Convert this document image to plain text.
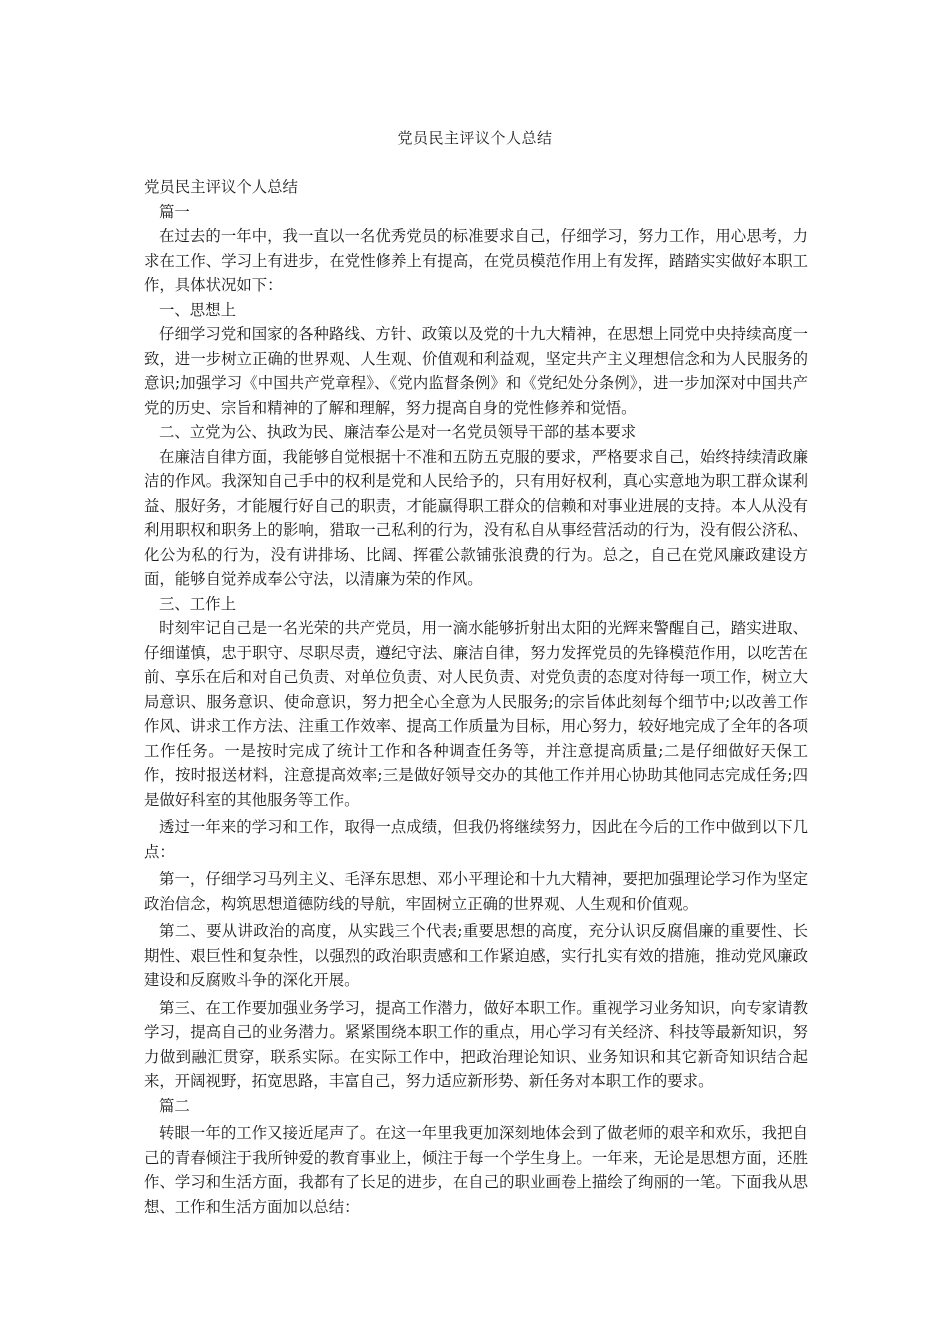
党员民主评议个人总结

党员民主评议个人总结

篇一

在过去的一年中，我一直以一名优秀党员的标准要求自己，仔细学习，努力工作，用心思考，力求在工作、学习上有进步，在党性修养上有提高，在党员模范作用上有发挥，踏踏实实做好本职工作，具体状况如下：

一、思想上

仔细学习党和国家的各种路线、方针、政策以及党的十九大精神，在思想上同党中央持续高度一致，进一步树立正确的世界观、人生观、价值观和利益观，坚定共产主义理想信念和为人民服务的意识;加强学习《中国共产党章程》、《党内监督条例》和《党纪处分条例》，进一步加深对中国共产党的历史、宗旨和精神的了解和理解，努力提高自身的党性修养和觉悟。

二、立党为公、执政为民、廉洁奉公是对一名党员领导干部的基本要求

在廉洁自律方面，我能够自觉根据十不准和五防五克服的要求，严格要求自己，始终持续清政廉洁的作风。我深知自己手中的权利是党和人民给予的，只有用好权利，真心实意地为职工群众谋利益、服好务，才能履行好自己的职责，才能赢得职工群众的信赖和对事业进展的支持。本人从没有利用职权和职务上的影响，猎取一己私利的行为，没有私自从事经营活动的行为，没有假公济私、化公为私的行为，没有讲排场、比阔、挥霍公款铺张浪费的行为。总之，自己在党风廉政建设方面，能够自觉养成奉公守法，以清廉为荣的作风。

三、工作上

时刻牢记自己是一名光荣的共产党员，用一滴水能够折射出太阳的光辉来警醒自己，踏实进取、仔细谨慎，忠于职守、尽职尽责，遵纪守法、廉洁自律，努力发挥党员的先锋模范作用，以吃苦在前、享乐在后和对自己负责、对单位负责、对人民负责、对党负责的态度对待每一项工作，树立大局意识、服务意识、使命意识，努力把全心全意为人民服务;的宗旨体此刻每个细节中;以改善工作作风、讲求工作方法、注重工作效率、提高工作质量为目标，用心努力，较好地完成了全年的各项工作任务。一是按时完成了统计工作和各种调查任务等，并注意提高质量;二是仔细做好天保工作，按时报送材料，注意提高效率;三是做好领导交办的其他工作并用心协助其他同志完成任务;四是做好科室的其他服务等工作。

透过一年来的学习和工作，取得一点成绩，但我仍将继续努力，因此在今后的工作中做到以下几点：

第一，仔细学习马列主义、毛泽东思想、邓小平理论和十九大精神，要把加强理论学习作为坚定政治信念，构筑思想道德防线的导航，牢固树立正确的世界观、人生观和价值观。

第二、要从讲政治的高度，从实践三个代表;重要思想的高度，充分认识反腐倡廉的重要性、长期性、艰巨性和复杂性，以强烈的政治职责感和工作紧迫感，实行扎实有效的措施，推动党风廉政建设和反腐败斗争的深化开展。

第三、在工作要加强业务学习，提高工作潜力，做好本职工作。重视学习业务知识，向专家请教学习，提高自己的业务潜力。紧紧围绕本职工作的重点，用心学习有关经济、科技等最新知识，努力做到融汇贯穿，联系实际。在实际工作中，把政治理论知识、业务知识和其它新奇知识结合起来，开阔视野，拓宽思路，丰富自己，努力适应新形势、新任务对本职工作的要求。

篇二

转眼一年的工作又接近尾声了。在这一年里我更加深刻地体会到了做老师的艰辛和欢乐，我把自己的青春倾注于我所钟爱的教育事业上，倾注于每一个学生身上。一年来，无论是思想方面，还胜作、学习和生活方面，我都有了长足的进步，在自己的职业画卷上描绘了绚丽的一笔。下面我从思想、工作和生活方面加以总结：
